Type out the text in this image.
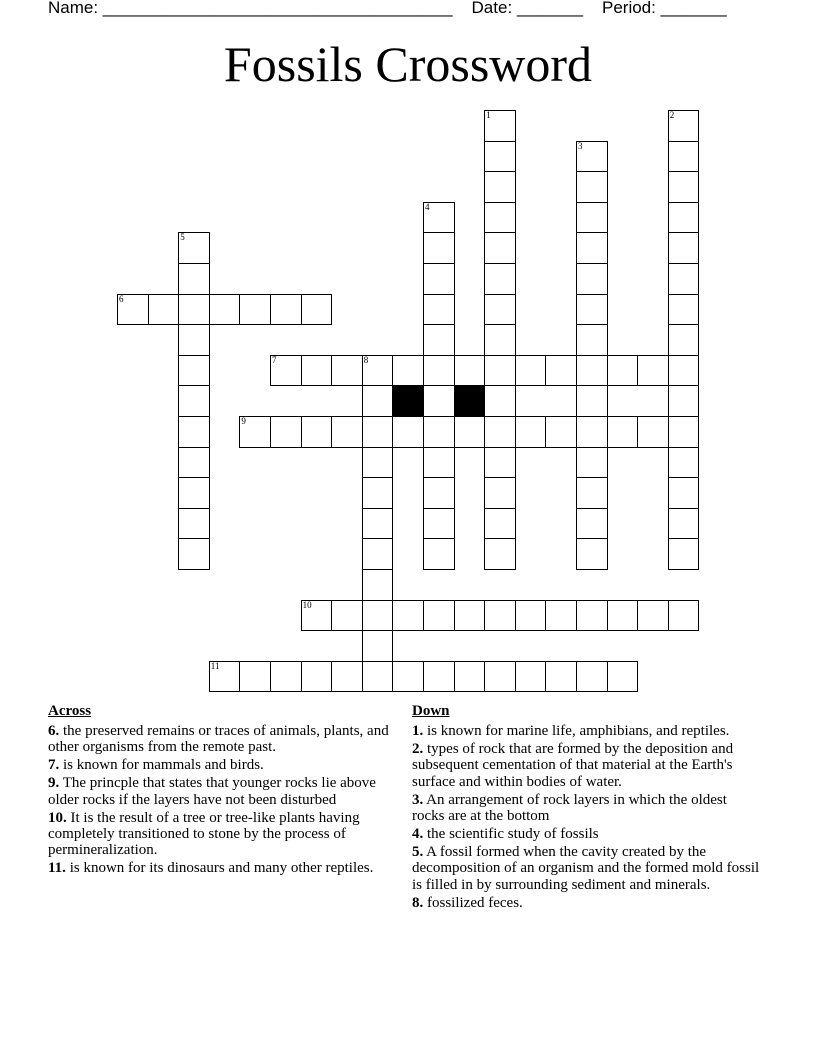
Name: _____________________________________ Date: _______ Period: _______
Fossils Crossword
1	2
3
4
5
6
7	8
9
10
11
Across
6. the preserved remains or traces of animals, plants, and other organisms from the remote past.
7. is known for mammals and birds.
9. The princple that states that younger rocks lie above older rocks if the layers have not been disturbed
10. It is the result of a tree or tree-like plants having completely transitioned to stone by the process of permineralization.
11. is known for its dinosaurs and many other reptiles.
Down
1. is known for marine life, amphibians, and reptiles.
2. types of rock that are formed by the deposition and subsequent cementation of that material at the Earth's surface and within bodies of water.
3. An arrangement of rock layers in which the oldest rocks are at the bottom
4. the scientific study of fossils
5. A fossil formed when the cavity created by the decomposition of an organism and the formed mold fossil is filled in by surrounding sediment and minerals.
8. fossilized feces.
